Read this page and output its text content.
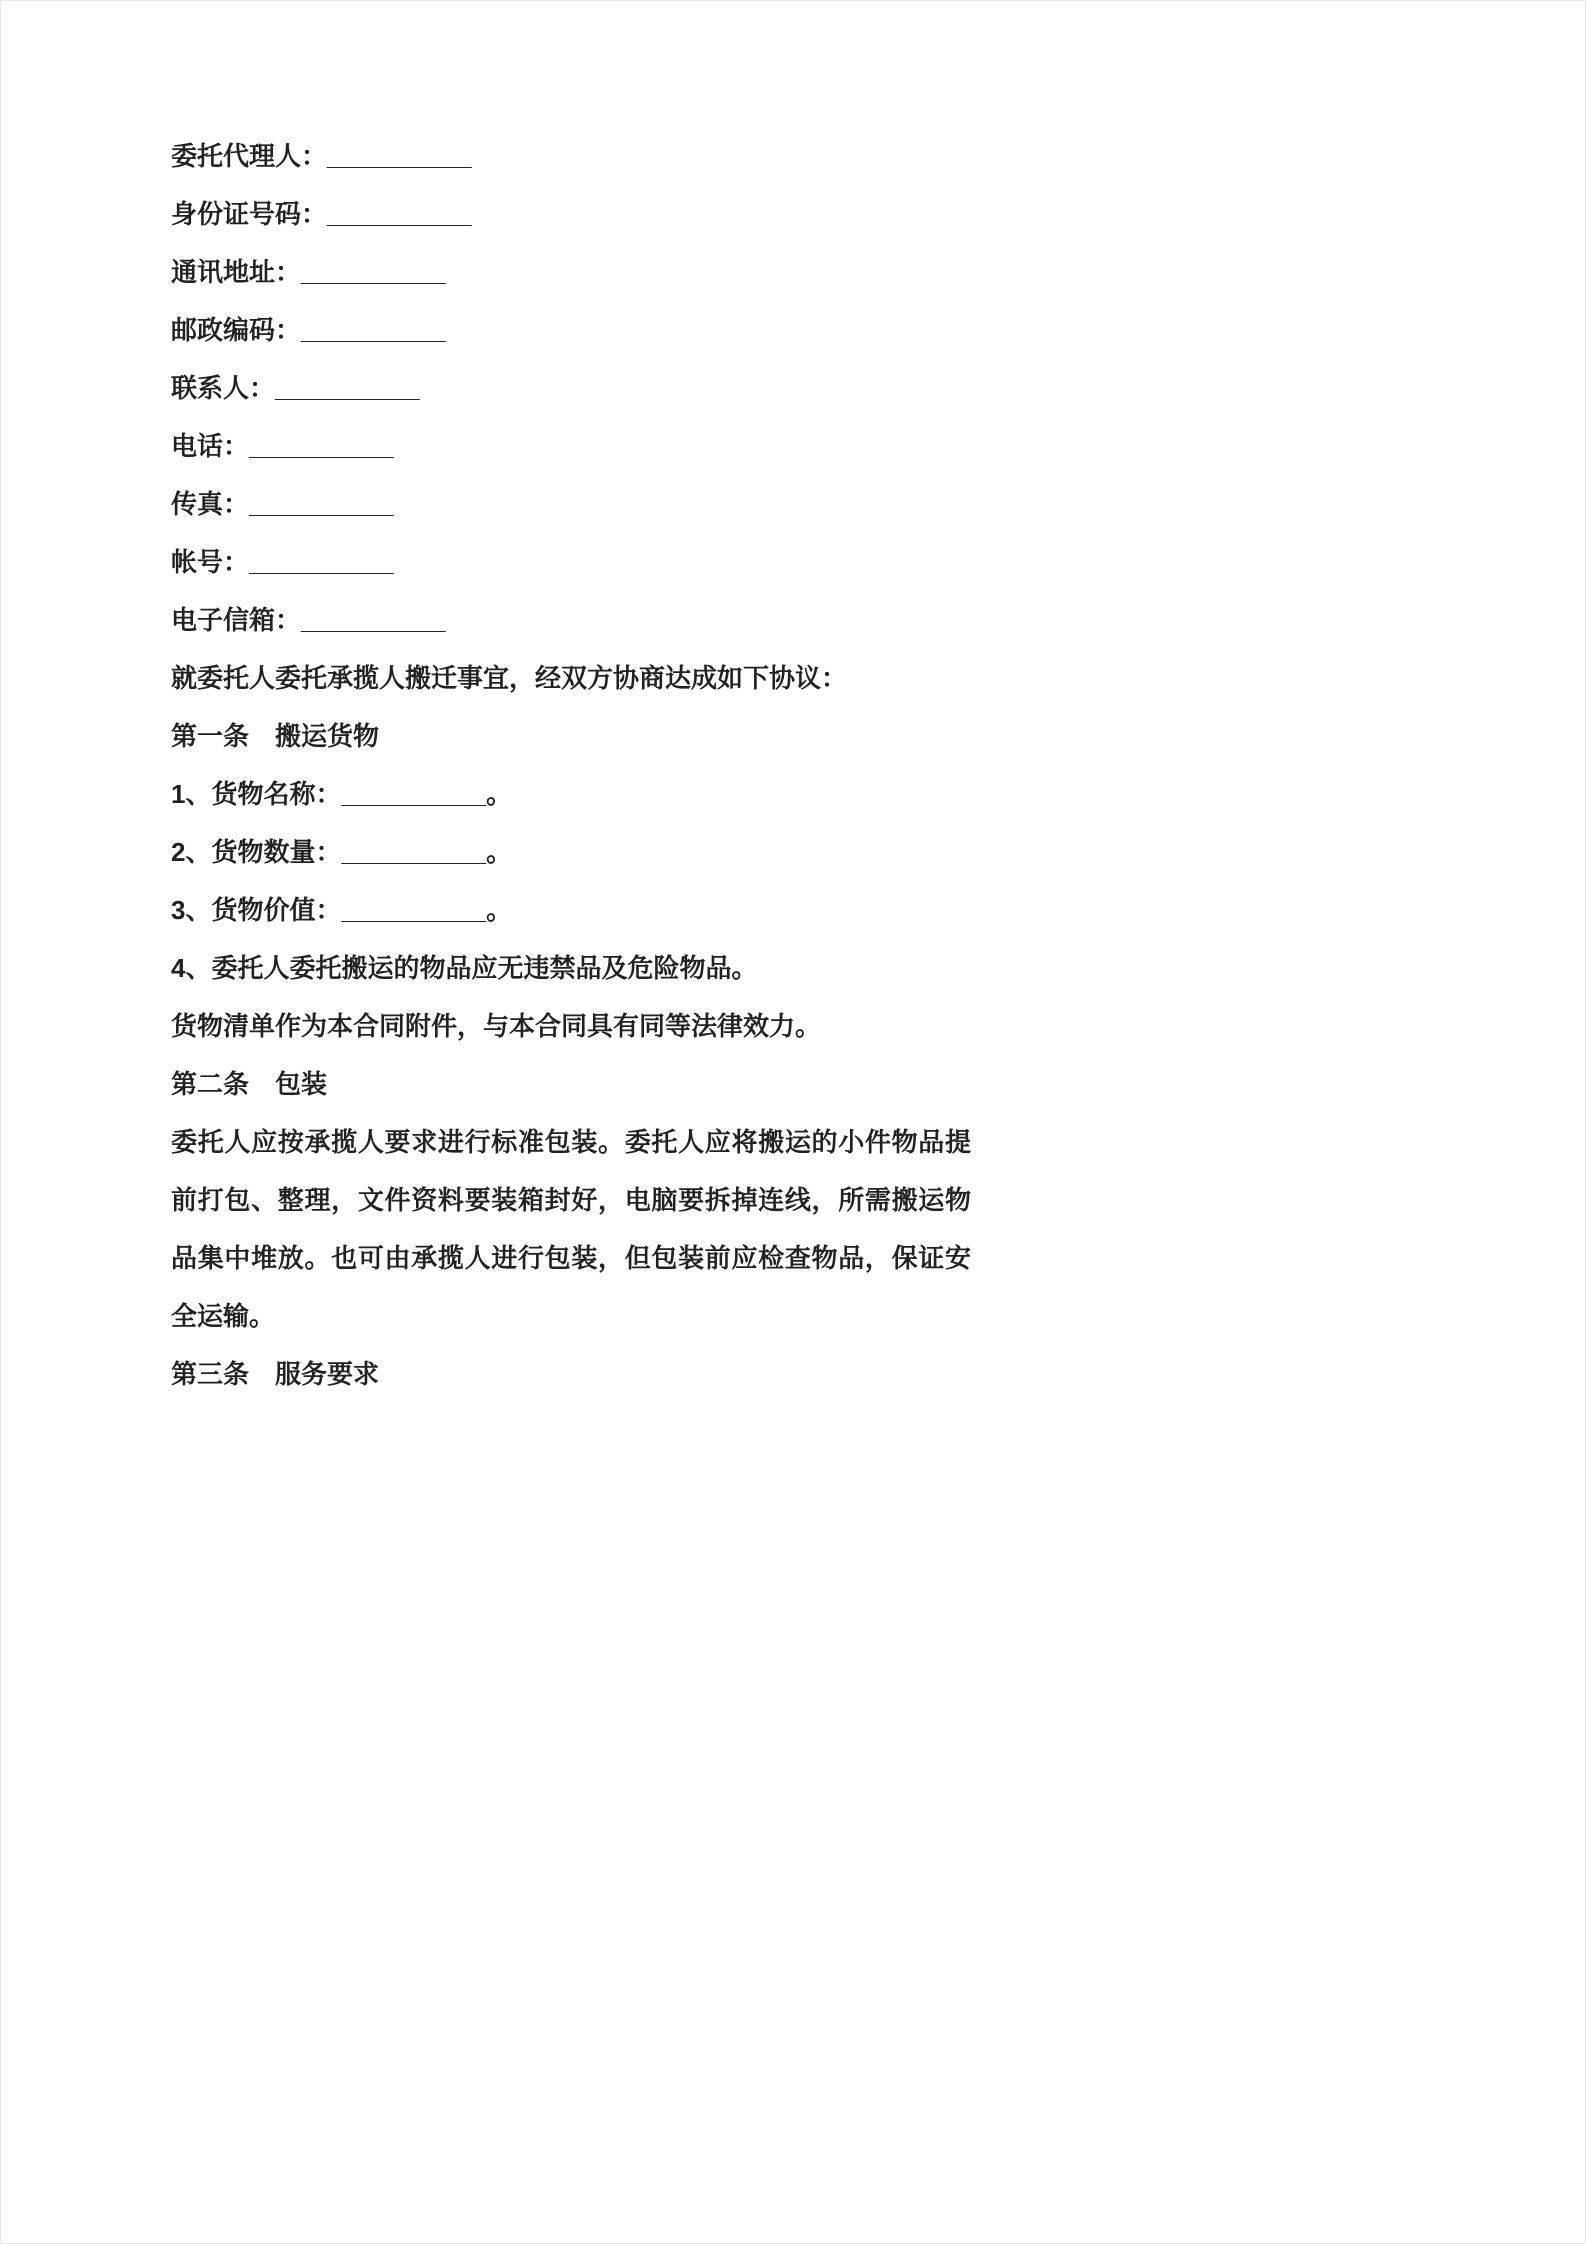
委托代理人：__________

身份证号码：__________

通讯地址：__________

邮政编码：__________

联系人：__________

电话：__________

传真：__________

帐号：__________

电子信箱：__________

就委托人委托承揽人搬迁事宜，经双方协商达成如下协议：

第一条　搬运货物

1、货物名称：__________。

2、货物数量：__________。

3、货物价值：__________。

4、委托人委托搬运的物品应无违禁品及危险物品。

货物清单作为本合同附件，与本合同具有同等法律效力。

第二条　包装

委托人应按承揽人要求进行标准包装。委托人应将搬运的小件物品提前打包、整理，文件资料要装箱封好，电脑要拆掉连线，所需搬运物品集中堆放。也可由承揽人进行包装，但包装前应检查物品，保证安全运输。

第三条　服务要求
